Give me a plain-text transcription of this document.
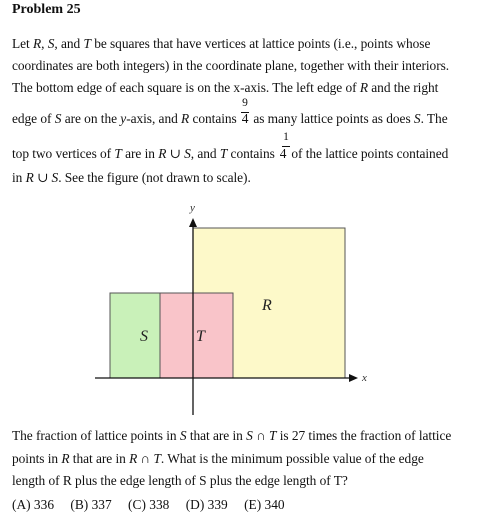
Problem 25
Let R, S, and T be squares that have vertices at lattice points (i.e., points whose
coordinates are both integers) in the coordinate plane, together with their interiors.
The bottom edge of each square is on the x-axis. The left edge of R and the right
9
edge of S are on the y-axis, and R contains 4 as many lattice points as does S. The
1
top two vertices of T are in R ∪ S, and T contains 4 of the lattice points contained
in R ∪ S. See the figure (not drawn to scale).
y
x
R
S	T
The fraction of lattice points in S that are in S ∩ T is 27 times the fraction of lattice
points in R that are in R ∩ T. What is the minimum possible value of the edge
length of R plus the edge length of S plus the edge length of T?
(A) 336 (B) 337 (C) 338 (D) 339 (E) 340
